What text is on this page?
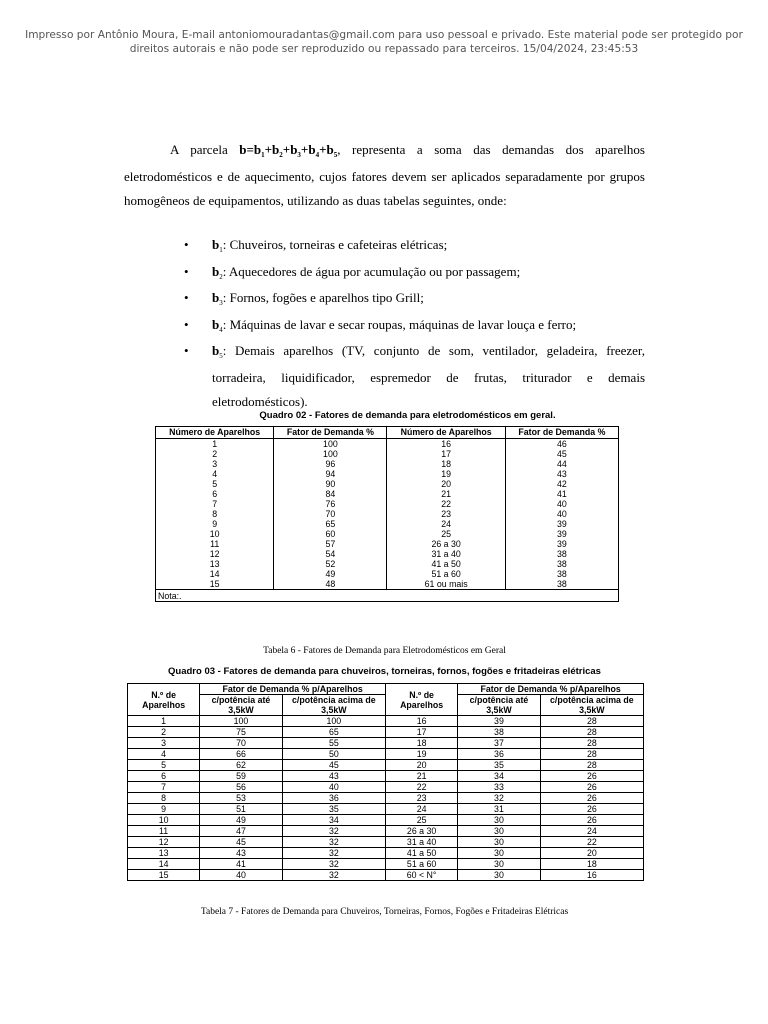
Impresso por Antônio Moura, E-mail antoniomouradantas@gmail.com para uso pessoal e privado. Este material pode ser protegido por
direitos autorais e não pode ser reproduzido ou repassado para terceiros. 15/04/2024, 23:45:53

A parcela $b=b_1+b_2+b_3+b_4+b_5$, representa a soma das demandas dos aparelhos eletrodomésticos e de aquecimento, cujos fatores devem ser aplicados separadamente por grupos homogêneos de equipamentos, utilizando as duas tabelas seguintes, onde:

• $b_1$: Chuveiros, torneiras e cafeteiras elétricas;
• $b_2$: Aquecedores de água por acumulação ou por passagem;
• $b_3$: Fornos, fogões e aparelhos tipo Grill;
• $b_4$: Máquinas de lavar e secar roupas, máquinas de lavar louça e ferro;
• $b_5$: Demais aparelhos (TV, conjunto de som, ventilador, geladeira, freezer, torradeira, liquidificador, espremedor de frutas, triturador e demais eletrodomésticos).
Quadro 02 - Fatores de demanda para eletrodomésticos em geral.
Número de Aparelhos	Fator de Demanda %	Número de Aparelhos	Fator de Demanda %
1	100	16	46
2	100	17	45
3	96	18	44
4	94	19	43
5	90	20	42
6	84	21	41
7	76	22	40
8	70	23	40
9	65	24	39
10	60	25	39
11	57	26 a 30	39
12	54	31 a 40	38
13	52	41 a 50	38
14	49	51 a 60	38
15	48	61 ou mais	38
Nota:.			
Tabela 6 - Fatores de Demanda para Eletrodomésticos em Geral
Quadro 03 - Fatores de demanda para chuveiros, torneiras, fornos, fogões e fritadeiras elétricas
N.º de Aparelhos	Fator de Demanda % p/Aparelhos		N.º de Aparelhos	Fator de Demanda % p/Aparelhos	
	c/potência até 3,5kW	c/potência acima de 3,5kW		c/potência até 3,5kW	c/potência acima de 3,5kW
1	100	100	16	39	28
2	75	65	17	38	28
3	70	55	18	37	28
4	66	50	19	36	28
5	62	45	20	35	28
6	59	43	21	34	26
7	56	40	22	33	26
8	53	36	23	32	26
9	51	35	24	31	26
10	49	34	25	30	26
11	47	32	26 a 30	30	24
12	45	32	31 a 40	30	22
13	43	32	41 a 50	30	20
14	41	32	51 a 60	30	18
15	40	32	60 < N°	30	16
Tabela 7 - Fatores de Demanda para Chuveiros, Torneiras, Fornos, Fogões e Fritadeiras Elétricas
